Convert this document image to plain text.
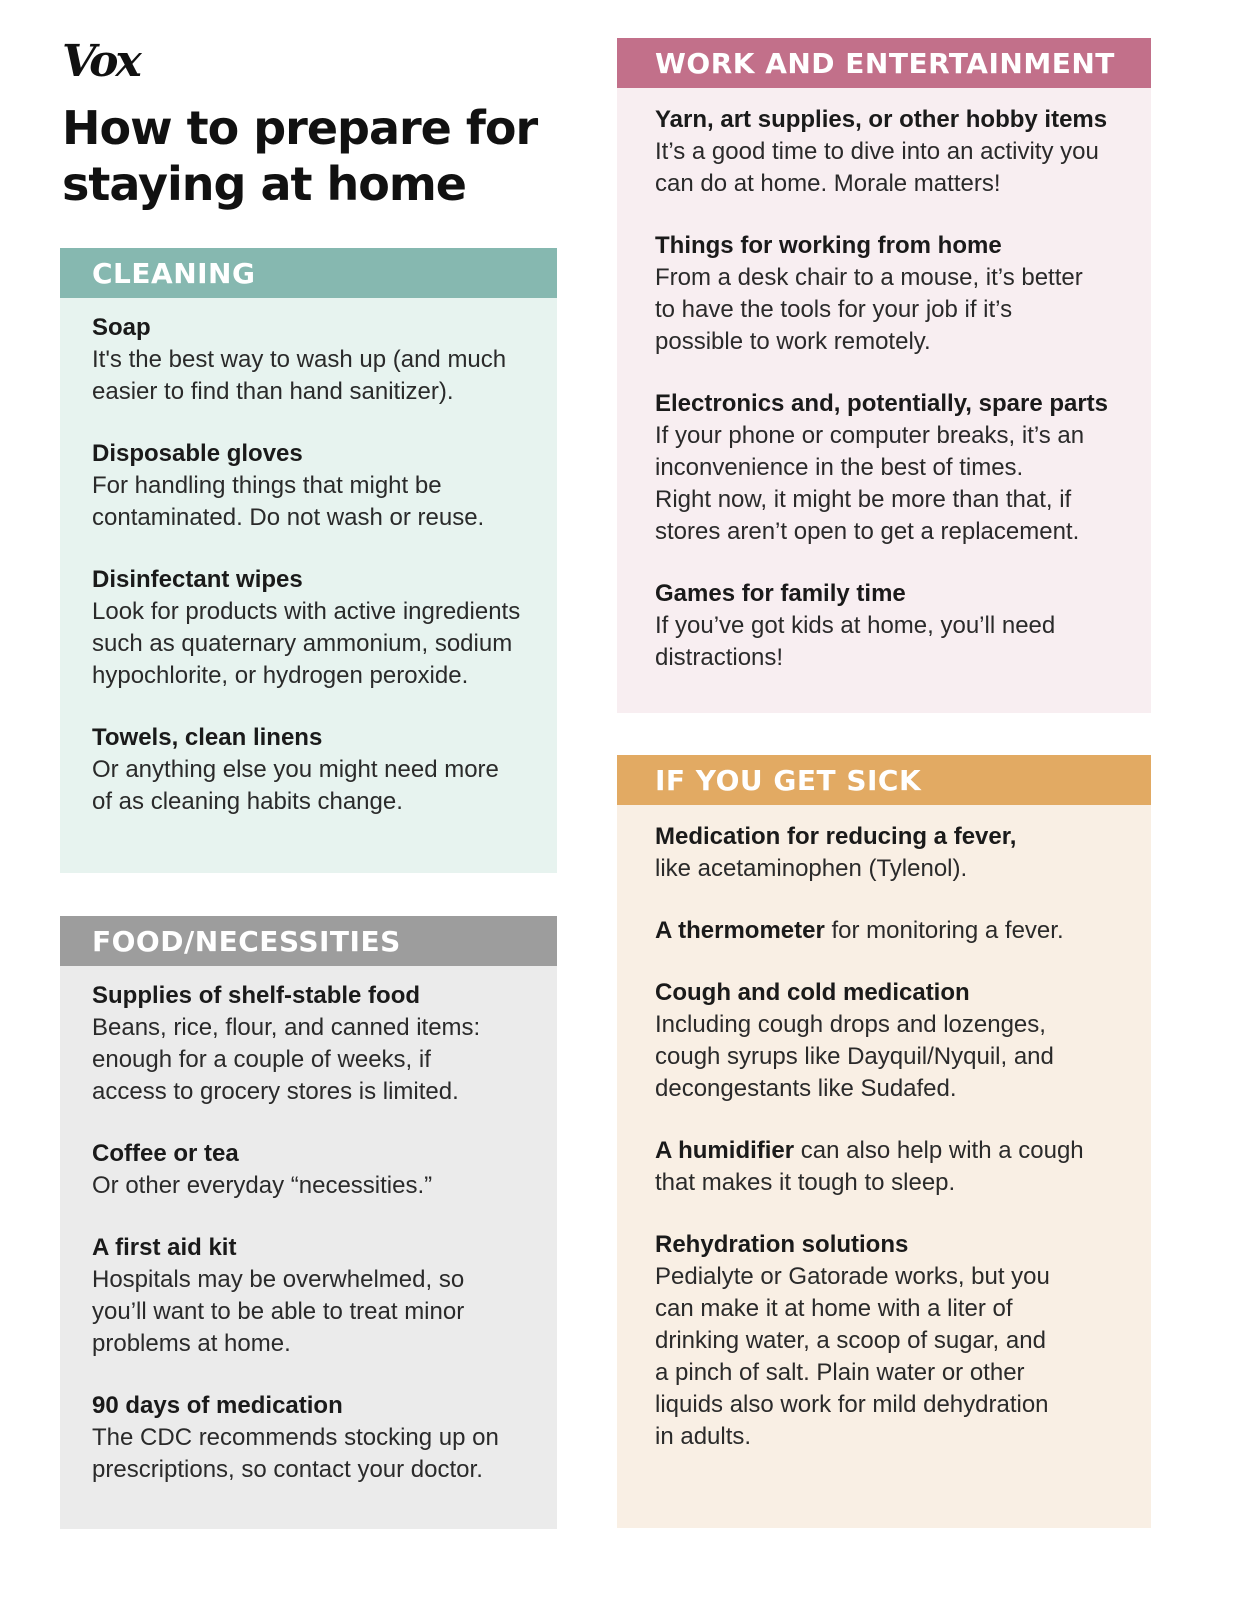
Vox
How to prepare for staying at home
CLEANING
Soap
It's the best way to wash up (and much easier to find than hand sanitizer).
Disposable gloves
For handling things that might be contaminated. Do not wash or reuse.
Disinfectant wipes
Look for products with active ingredients such as quaternary ammonium, sodium hypochlorite, or hydrogen peroxide.
Towels, clean linens
Or anything else you might need more of as cleaning habits change.
FOOD/NECESSITIES
Supplies of shelf-stable food
Beans, rice, flour, and canned items: enough for a couple of weeks, if access to grocery stores is limited.
Coffee or tea
Or other everyday “necessities.”
A first aid kit
Hospitals may be overwhelmed, so you’ll want to be able to treat minor problems at home.
90 days of medication
The CDC recommends stocking up on prescriptions, so contact your doctor.
WORK AND ENTERTAINMENT
Yarn, art supplies, or other hobby items
It’s a good time to dive into an activity you can do at home. Morale matters!
Things for working from home
From a desk chair to a mouse, it’s better to have the tools for your job if it’s possible to work remotely.
Electronics and, potentially, spare parts
If your phone or computer breaks, it’s an inconvenience in the best of times. Right now, it might be more than that, if stores aren’t open to get a replacement.
Games for family time
If you’ve got kids at home, you’ll need distractions!
IF YOU GET SICK
Medication for reducing a fever, like acetaminophen (Tylenol).
A thermometer for monitoring a fever.
Cough and cold medication
Including cough drops and lozenges, cough syrups like Dayquil/Nyquil, and decongestants like Sudafed.
A humidifier can also help with a cough that makes it tough to sleep.
Rehydration solutions
Pedialyte or Gatorade works, but you can make it at home with a liter of drinking water, a scoop of sugar, and a pinch of salt. Plain water or other liquids also work for mild dehydration in adults.
